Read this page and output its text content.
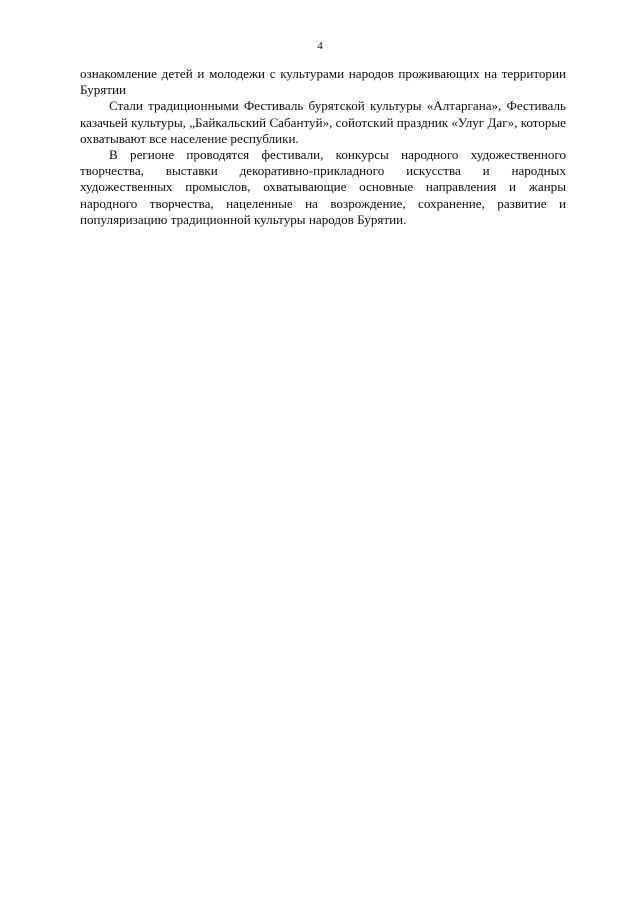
4

ознакомление детей и молодежи с культурами народов проживающих на территории Бурятии

Стали традиционными Фестиваль бурятской культуры «Алтаргана», Фестиваль казачьей культуры, „Байкальский Сабантуй», сойотский праздник «Улуг Даг», которые охватывают все население республики.

В регионе проводятся фестивали, конкурсы народного художественного творчества, выставки декоративно-прикладного искусства и народных художественных промыслов, охватывающие основные направления и жанры народного творчества, нацеленные на возрождение, сохранение, развитие и популяризацию традиционной культуры народов Бурятии.
